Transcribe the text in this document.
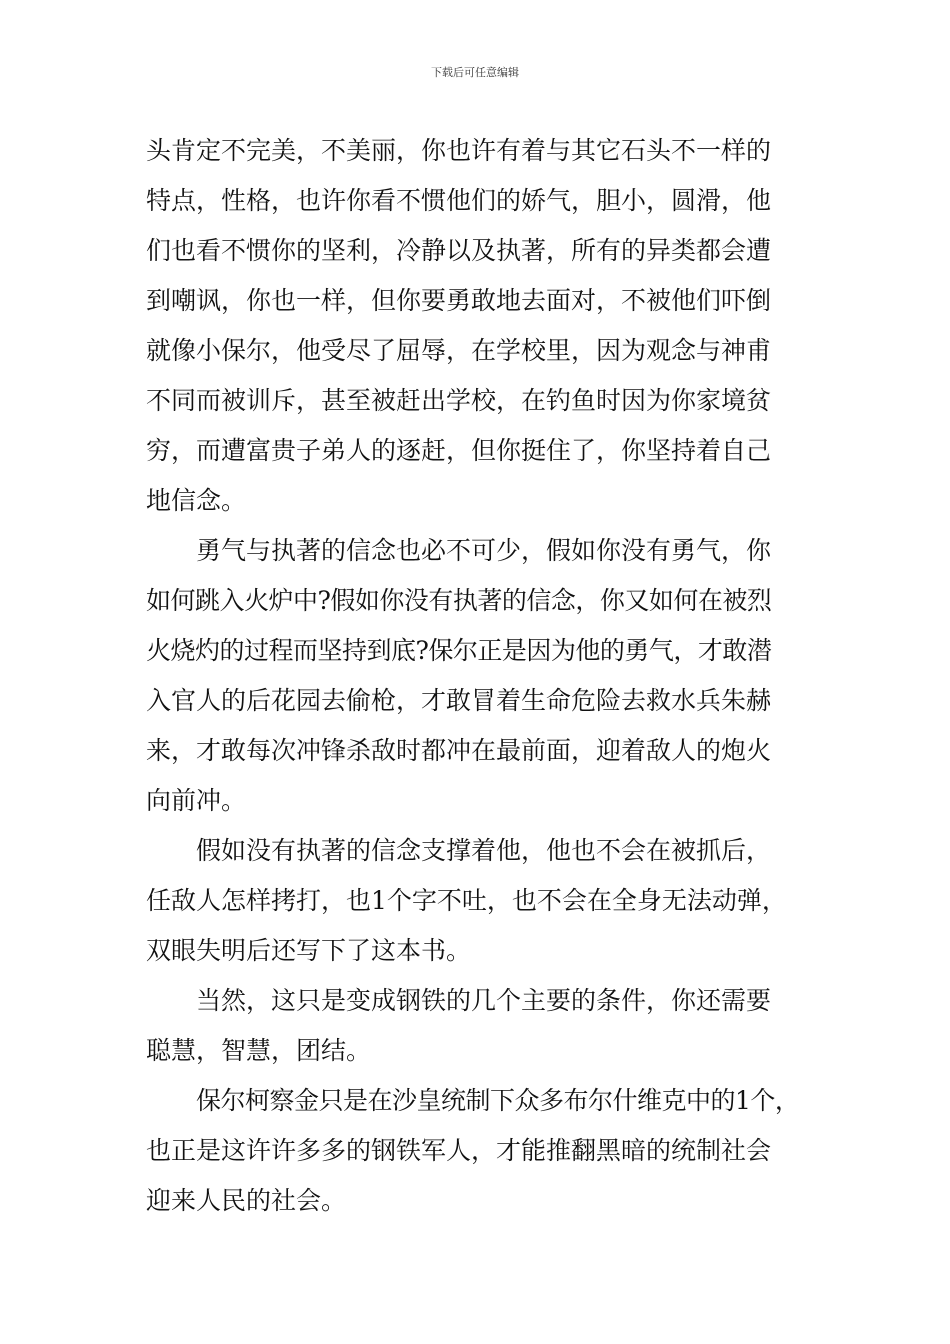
下载后可任意编辑
头肯定不完美，不美丽，你也许有着与其它石头不一样的
特点，性格，也许你看不惯他们的娇气，胆小，圆滑，他
们也看不惯你的坚利，冷静以及执著，所有的异类都会遭
到嘲讽，你也一样，但你要勇敢地去面对，不被他们吓倒
就像小保尔，他受尽了屈辱，在学校里，因为观念与神甫
不同而被训斥，甚至被赶出学校，在钓鱼时因为你家境贫
穷，而遭富贵子弟人的逐赶，但你挺住了，你坚持着自己
地信念。
勇气与执著的信念也必不可少，假如你没有勇气，你
如何跳入火炉中?假如你没有执著的信念，你又如何在被烈
火烧灼的过程而坚持到底?保尔正是因为他的勇气，才敢潜
入官人的后花园去偷枪，才敢冒着生命危险去救水兵朱赫
来，才敢每次冲锋杀敌时都冲在最前面，迎着敌人的炮火
向前冲。
假如没有执著的信念支撑着他，他也不会在被抓后，
任敌人怎样拷打，也1个字不吐，也不会在全身无法动弹，
双眼失明后还写下了这本书。
当然，这只是变成钢铁的几个主要的条件，你还需要
聪慧，智慧，团结。
保尔柯察金只是在沙皇统制下众多布尔什维克中的1个，
也正是这许许多多的钢铁军人，才能推翻黑暗的统制社会
迎来人民的社会。
